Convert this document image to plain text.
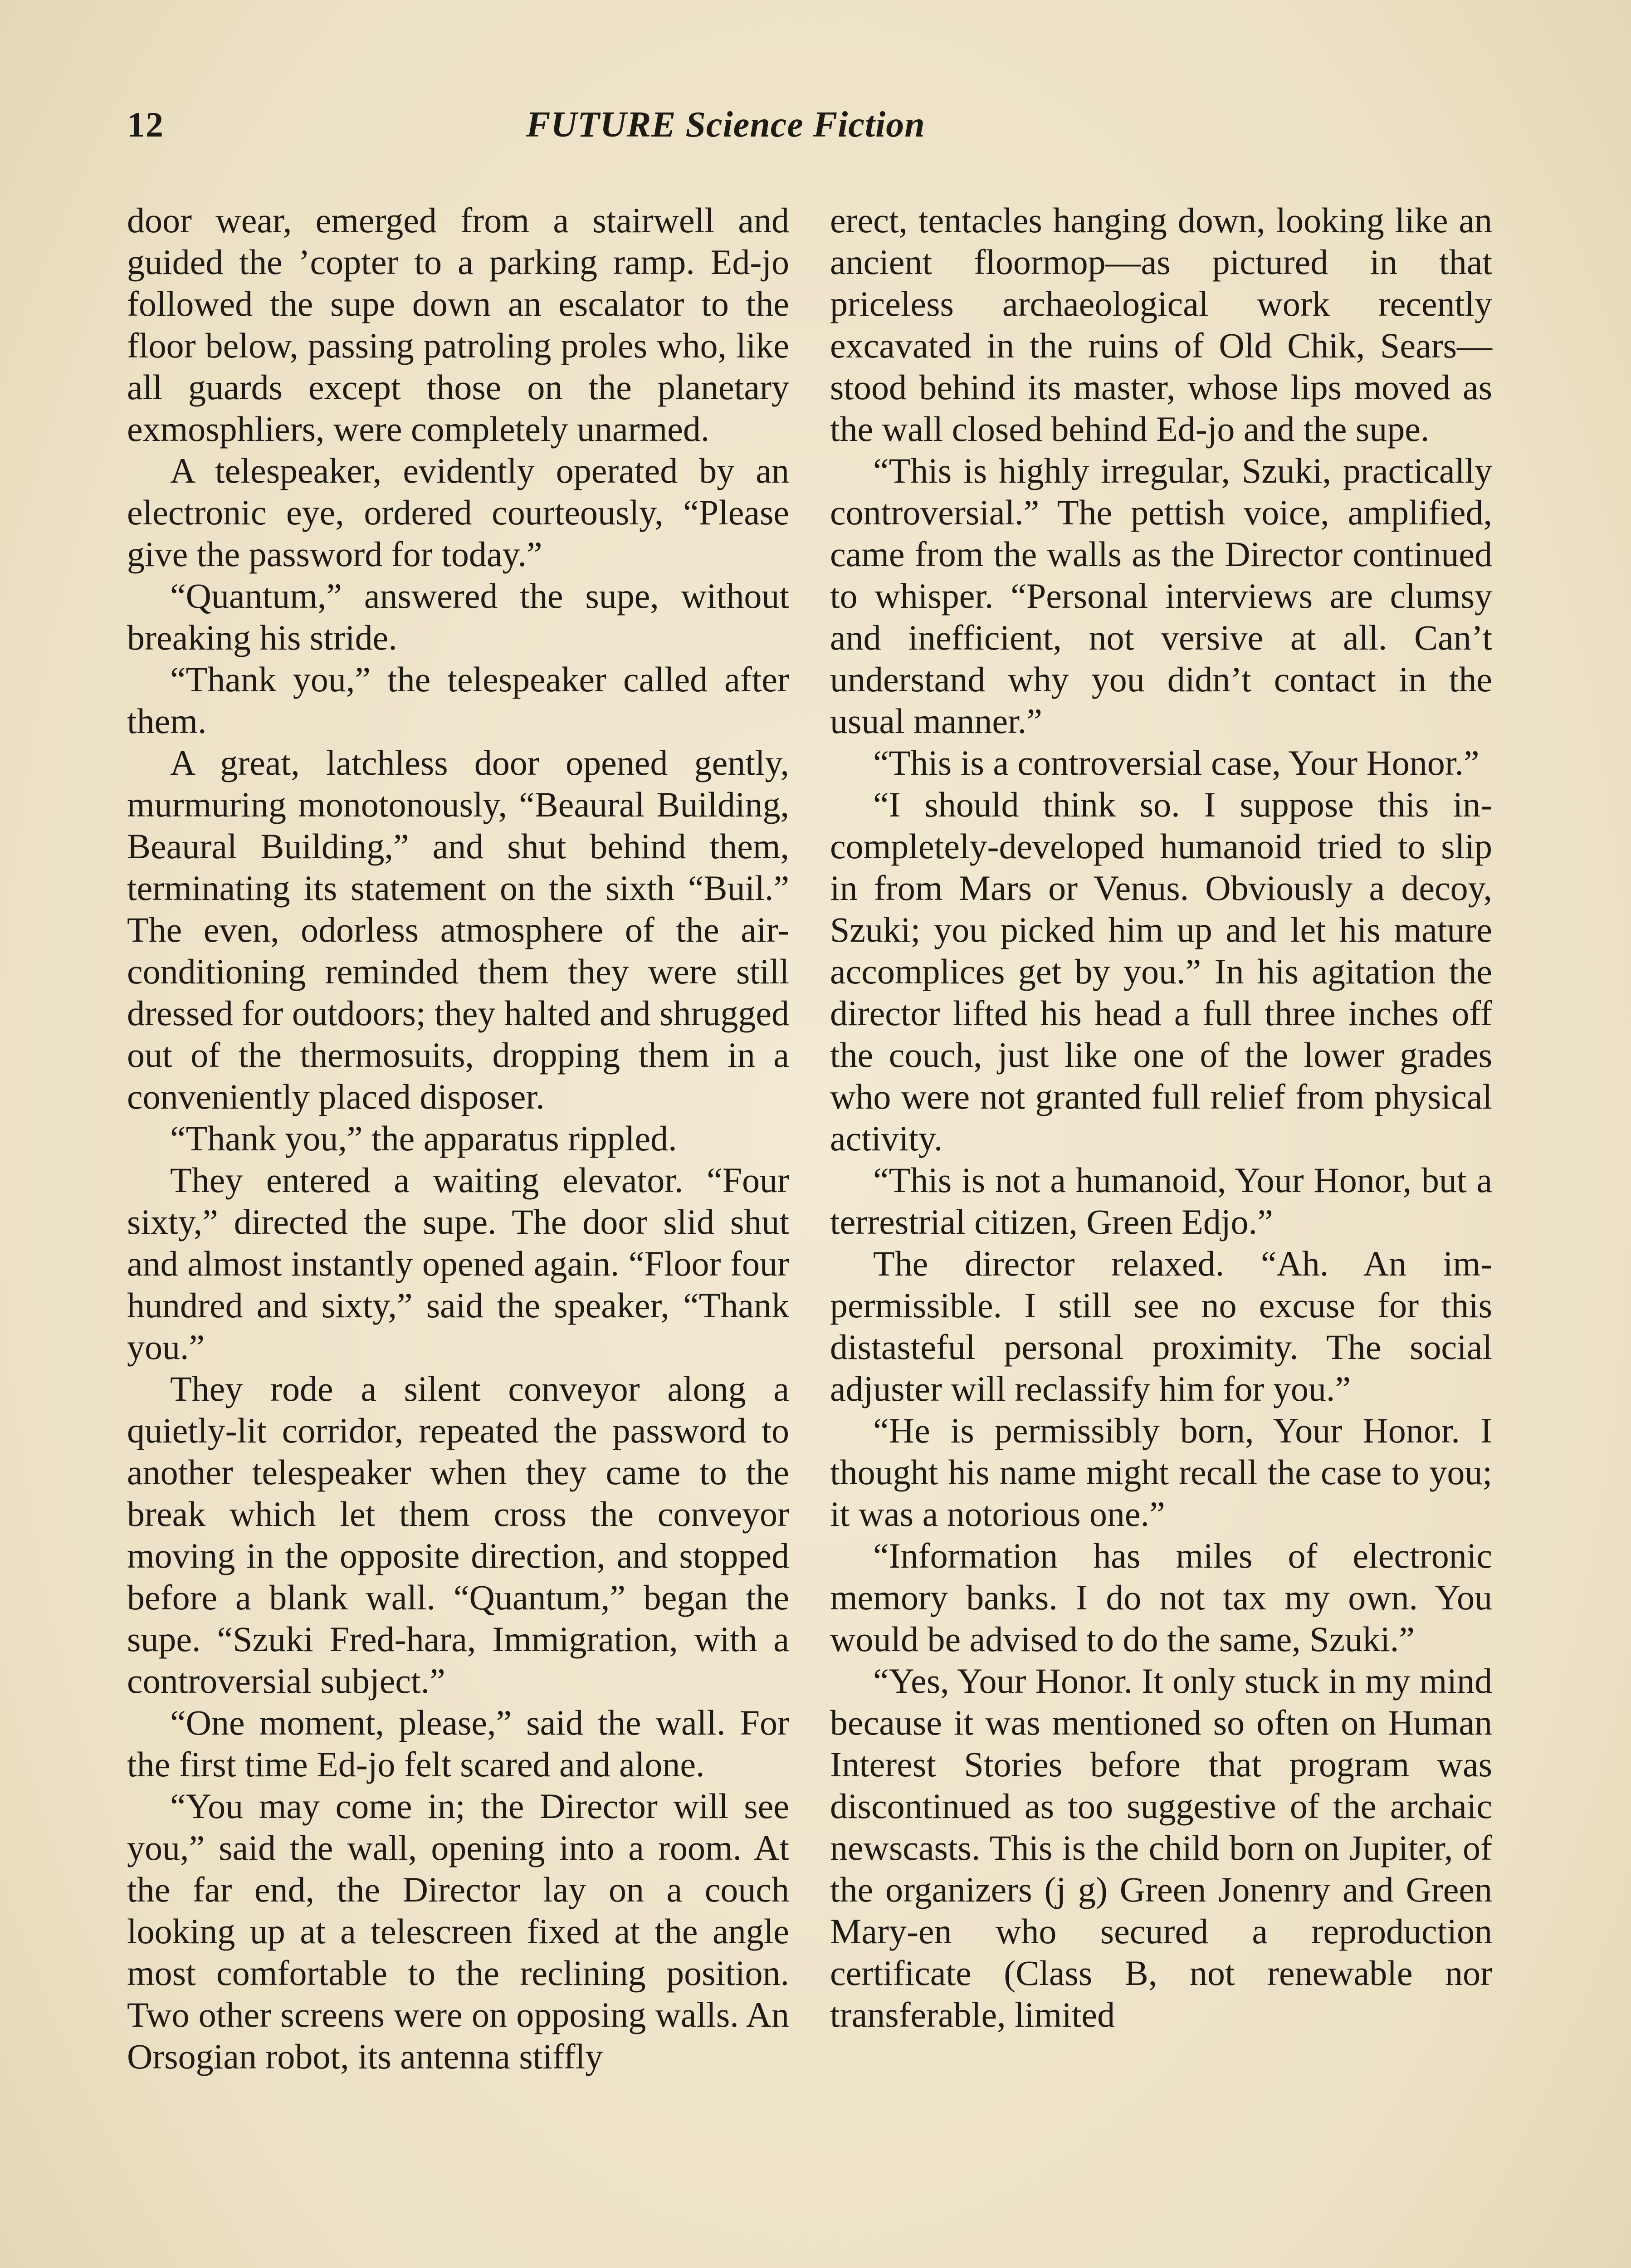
12	FUTURE Science Fiction

door wear, emerged from a stairwell and guided the ’copter to a parking ramp. Ed-jo followed the supe down an escalator to the floor below, passing patroling proles who, like all guards except those on the planetary exmosphliers, were completely unarmed.

A telespeaker, evidently operated by an electronic eye, ordered courteously, “Please give the password for today.”

“Quantum,” answered the supe, without breaking his stride.

“Thank you,” the telespeaker called after them.

A great, latchless door opened gently, murmuring monotonously, “Beaural Building, Beaural Building,” and shut behind them, terminating its statement on the sixth “Buil.” The even, odorless atmosphere of the air-conditioning reminded them they were still dressed for outdoors; they halted and shrugged out of the thermosuits, dropping them in a conveniently placed disposer.

“Thank you,” the apparatus rippled.

They entered a waiting elevator. “Four sixty,” directed the supe. The door slid shut and almost instantly opened again. “Floor four hundred and sixty,” said the speaker, “Thank you.”

They rode a silent conveyor along a quietly-lit corridor, repeated the password to another telespeaker when they came to the break which let them cross the conveyor moving in the opposite direction, and stopped before a blank wall. “Quantum,” began the supe. “Szuki Fred-hara, Immigration, with a controversial subject.”

“One moment, please,” said the wall. For the first time Ed-jo felt scared and alone.

“You may come in; the Director will see you,” said the wall, opening into a room. At the far end, the Director lay on a couch looking up at a telescreen fixed at the angle most comfortable to the reclining position. Two other screens were on opposing walls. An Orsogian robot, its antenna stiffly

erect, tentacles hanging down, looking like an ancient floormop—as pictured in that priceless archaeological work recently excavated in the ruins of Old Chik, Sears—stood behind its master, whose lips moved as the wall closed behind Ed-jo and the supe.

“This is highly irregular, Szuki, practically controversial.” The pettish voice, amplified, came from the walls as the Director continued to whisper. “Personal interviews are clumsy and inefficient, not versive at all. Can’t understand why you didn’t contact in the usual manner.”

“This is a controversial case, Your Honor.”

“I should think so. I suppose this incompletely-developed humanoid tried to slip in from Mars or Venus. Obviously a decoy, Szuki; you picked him up and let his mature accomplices get by you.” In his agitation the director lifted his head a full three inches off the couch, just like one of the lower grades who were not granted full relief from physical activity.

“This is not a humanoid, Your Honor, but a terrestrial citizen, Green Edjo.”

The director relaxed. “Ah. An impermissible. I still see no excuse for this distasteful personal proximity. The social adjuster will reclassify him for you.”

“He is permissibly born, Your Honor. I thought his name might recall the case to you; it was a notorious one.”

“Information has miles of electronic memory banks. I do not tax my own. You would be advised to do the same, Szuki.”

“Yes, Your Honor. It only stuck in my mind because it was mentioned so often on Human Interest Stories before that program was discontinued as too suggestive of the archaic newscasts. This is the child born on Jupiter, of the organizers (j g) Green Jonenry and Green Mary-en who secured a reproduction certificate (Class B, not renewable nor transferable, limited
